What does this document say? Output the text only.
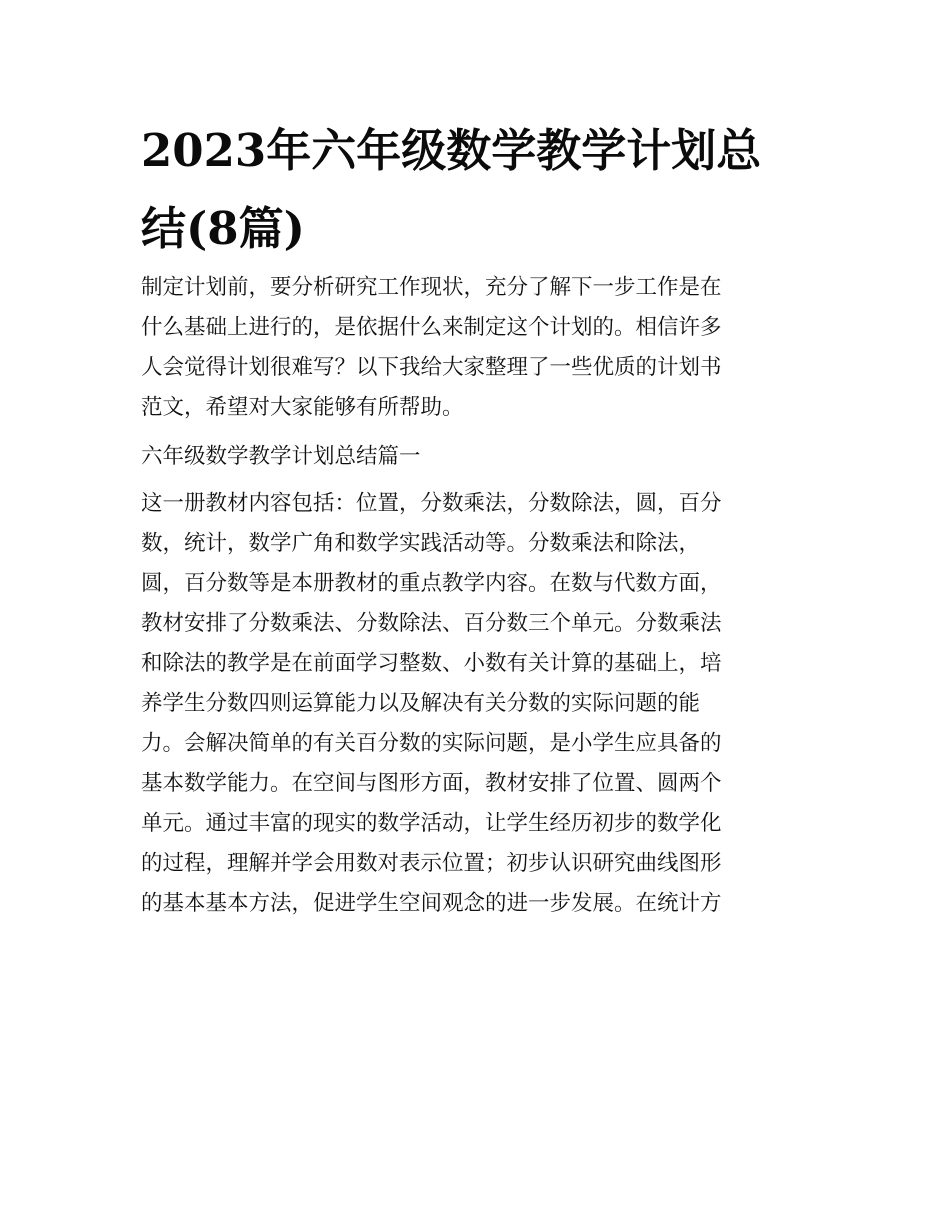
2023年六年级数学教学计划总
结(8篇)

制定计划前，要分析研究工作现状，充分了解下一步工作是在
什么基础上进行的，是依据什么来制定这个计划的。相信许多
人会觉得计划很难写？以下我给大家整理了一些优质的计划书
范文，希望对大家能够有所帮助。

六年级数学教学计划总结篇一

这一册教材内容包括：位置，分数乘法，分数除法，圆，百分
数，统计，数学广角和数学实践活动等。分数乘法和除法，
圆，百分数等是本册教材的重点教学内容。在数与代数方面，
教材安排了分数乘法、分数除法、百分数三个单元。分数乘法
和除法的教学是在前面学习整数、小数有关计算的基础上，培
养学生分数四则运算能力以及解决有关分数的实际问题的能
力。会解决简单的有关百分数的实际问题，是小学生应具备的
基本数学能力。在空间与图形方面，教材安排了位置、圆两个
单元。通过丰富的现实的数学活动，让学生经历初步的数学化
的过程，理解并学会用数对表示位置；初步认识研究曲线图形
的基本基本方法，促进学生空间观念的进一步发展。在统计方
